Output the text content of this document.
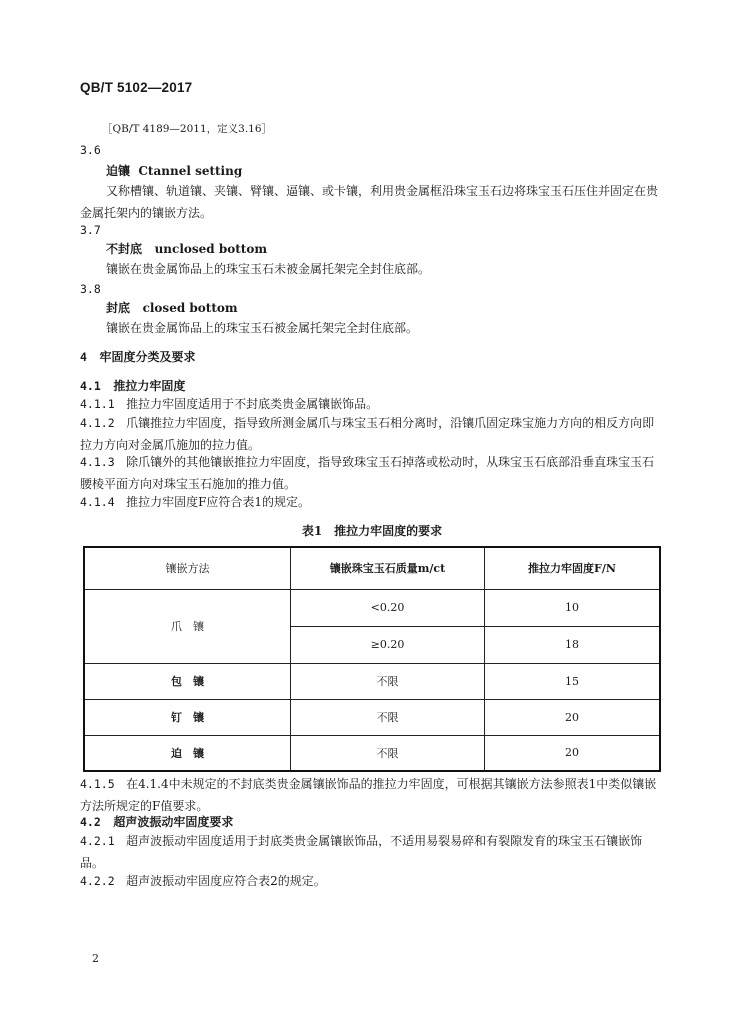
QB/T 5102—2017
［QB/T 4189—2011，定义3.16］
3.6
迫镶 Ctannel setting
又称槽镶、轨道镶、夹镶、臂镶、逼镶、或卡镶，利用贵金属框沿珠宝玉石边将珠宝玉石压住并固定在贵金属托架内的镶嵌方法。
3.7
不封底 unclosed bottom
镶嵌在贵金属饰品上的珠宝玉石未被金属托架完全封住底部。
3.8
封底 closed bottom
镶嵌在贵金属饰品上的珠宝玉石被金属托架完全封住底部。
4 牢固度分类及要求
4.1 推拉力牢固度
4.1.1 推拉力牢固度适用于不封底类贵金属镶嵌饰品。
4.1.2 爪镶推拉力牢固度，指导致所测金属爪与珠宝玉石相分离时，沿镶爪固定珠宝施力方向的相反方向即拉力方向对金属爪施加的拉力值。
4.1.3 除爪镶外的其他镶嵌推拉力牢固度，指导致珠宝玉石掉落或松动时，从珠宝玉石底部沿垂直珠宝玉石腰棱平面方向对珠宝玉石施加的推力值。
4.1.4 推拉力牢固度F应符合表1的规定。
表1　推拉力牢固度的要求
镶嵌方法	镶嵌珠宝玉石质量m/ct	推拉力牢固度F/N
爪　镶	<0.20	10
	≥0.20	18
包　镶	不限	15
钉　镶	不限	20
迫　镶	不限	20
4.1.5 在4.1.4中未规定的不封底类贵金属镶嵌饰品的推拉力牢固度，可根据其镶嵌方法参照表1中类似镶嵌方法所规定的F值要求。
4.2 超声波振动牢固度要求
4.2.1 超声波振动牢固度适用于封底类贵金属镶嵌饰品，不适用易裂易碎和有裂隙发育的珠宝玉石镶嵌饰品。
4.2.2 超声波振动牢固度应符合表2的规定。
2
